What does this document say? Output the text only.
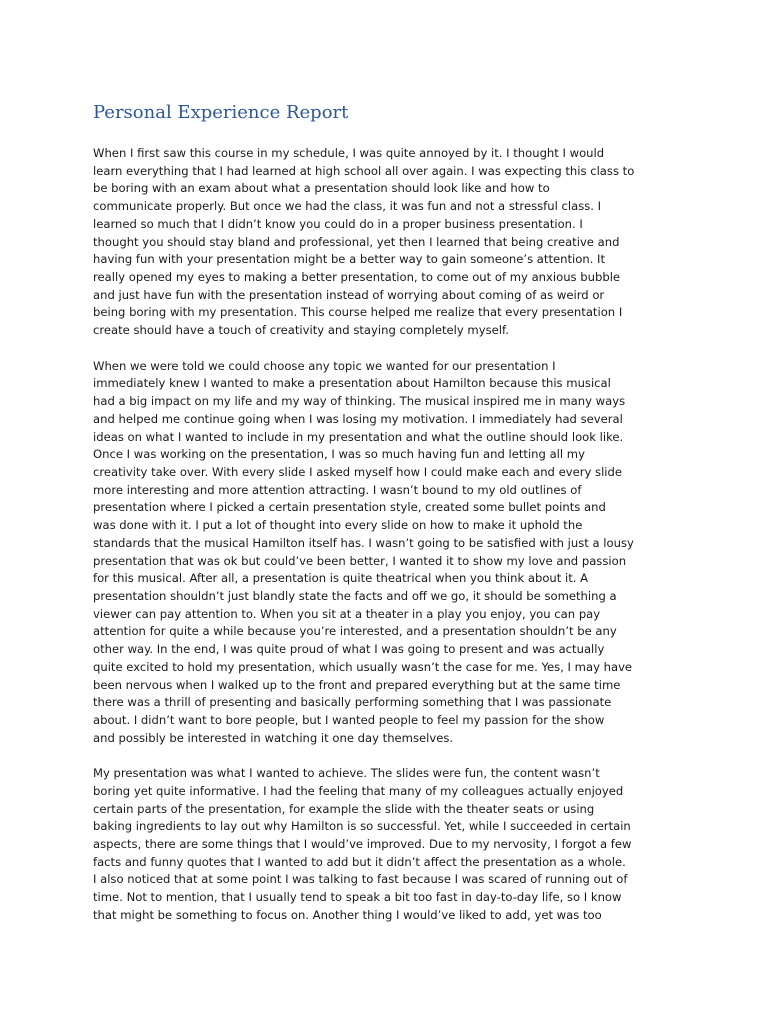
Personal Experience Report
When I first saw this course in my schedule, I was quite annoyed by it. I thought I would
learn everything that I had learned at high school all over again. I was expecting this class to
be boring with an exam about what a presentation should look like and how to
communicate properly. But once we had the class, it was fun and not a stressful class. I
learned so much that I didn’t know you could do in a proper business presentation. I
thought you should stay bland and professional, yet then I learned that being creative and
having fun with your presentation might be a better way to gain someone’s attention. It
really opened my eyes to making a better presentation, to come out of my anxious bubble
and just have fun with the presentation instead of worrying about coming of as weird or
being boring with my presentation. This course helped me realize that every presentation I
create should have a touch of creativity and staying completely myself.
When we were told we could choose any topic we wanted for our presentation I
immediately knew I wanted to make a presentation about Hamilton because this musical
had a big impact on my life and my way of thinking. The musical inspired me in many ways
and helped me continue going when I was losing my motivation. I immediately had several
ideas on what I wanted to include in my presentation and what the outline should look like.
Once I was working on the presentation, I was so much having fun and letting all my
creativity take over. With every slide I asked myself how I could make each and every slide
more interesting and more attention attracting. I wasn’t bound to my old outlines of
presentation where I picked a certain presentation style, created some bullet points and
was done with it. I put a lot of thought into every slide on how to make it uphold the
standards that the musical Hamilton itself has. I wasn’t going to be satisfied with just a lousy
presentation that was ok but could’ve been better, I wanted it to show my love and passion
for this musical. After all, a presentation is quite theatrical when you think about it. A
presentation shouldn’t just blandly state the facts and off we go, it should be something a
viewer can pay attention to. When you sit at a theater in a play you enjoy, you can pay
attention for quite a while because you’re interested, and a presentation shouldn’t be any
other way. In the end, I was quite proud of what I was going to present and was actually
quite excited to hold my presentation, which usually wasn’t the case for me. Yes, I may have
been nervous when I walked up to the front and prepared everything but at the same time
there was a thrill of presenting and basically performing something that I was passionate
about. I didn’t want to bore people, but I wanted people to feel my passion for the show
and possibly be interested in watching it one day themselves.
My presentation was what I wanted to achieve. The slides were fun, the content wasn’t
boring yet quite informative. I had the feeling that many of my colleagues actually enjoyed
certain parts of the presentation, for example the slide with the theater seats or using
baking ingredients to lay out why Hamilton is so successful. Yet, while I succeeded in certain
aspects, there are some things that I would’ve improved. Due to my nervosity, I forgot a few
facts and funny quotes that I wanted to add but it didn’t affect the presentation as a whole.
I also noticed that at some point I was talking to fast because I was scared of running out of
time. Not to mention, that I usually tend to speak a bit too fast in day-to-day life, so I know
that might be something to focus on. Another thing I would’ve liked to add, yet was too
